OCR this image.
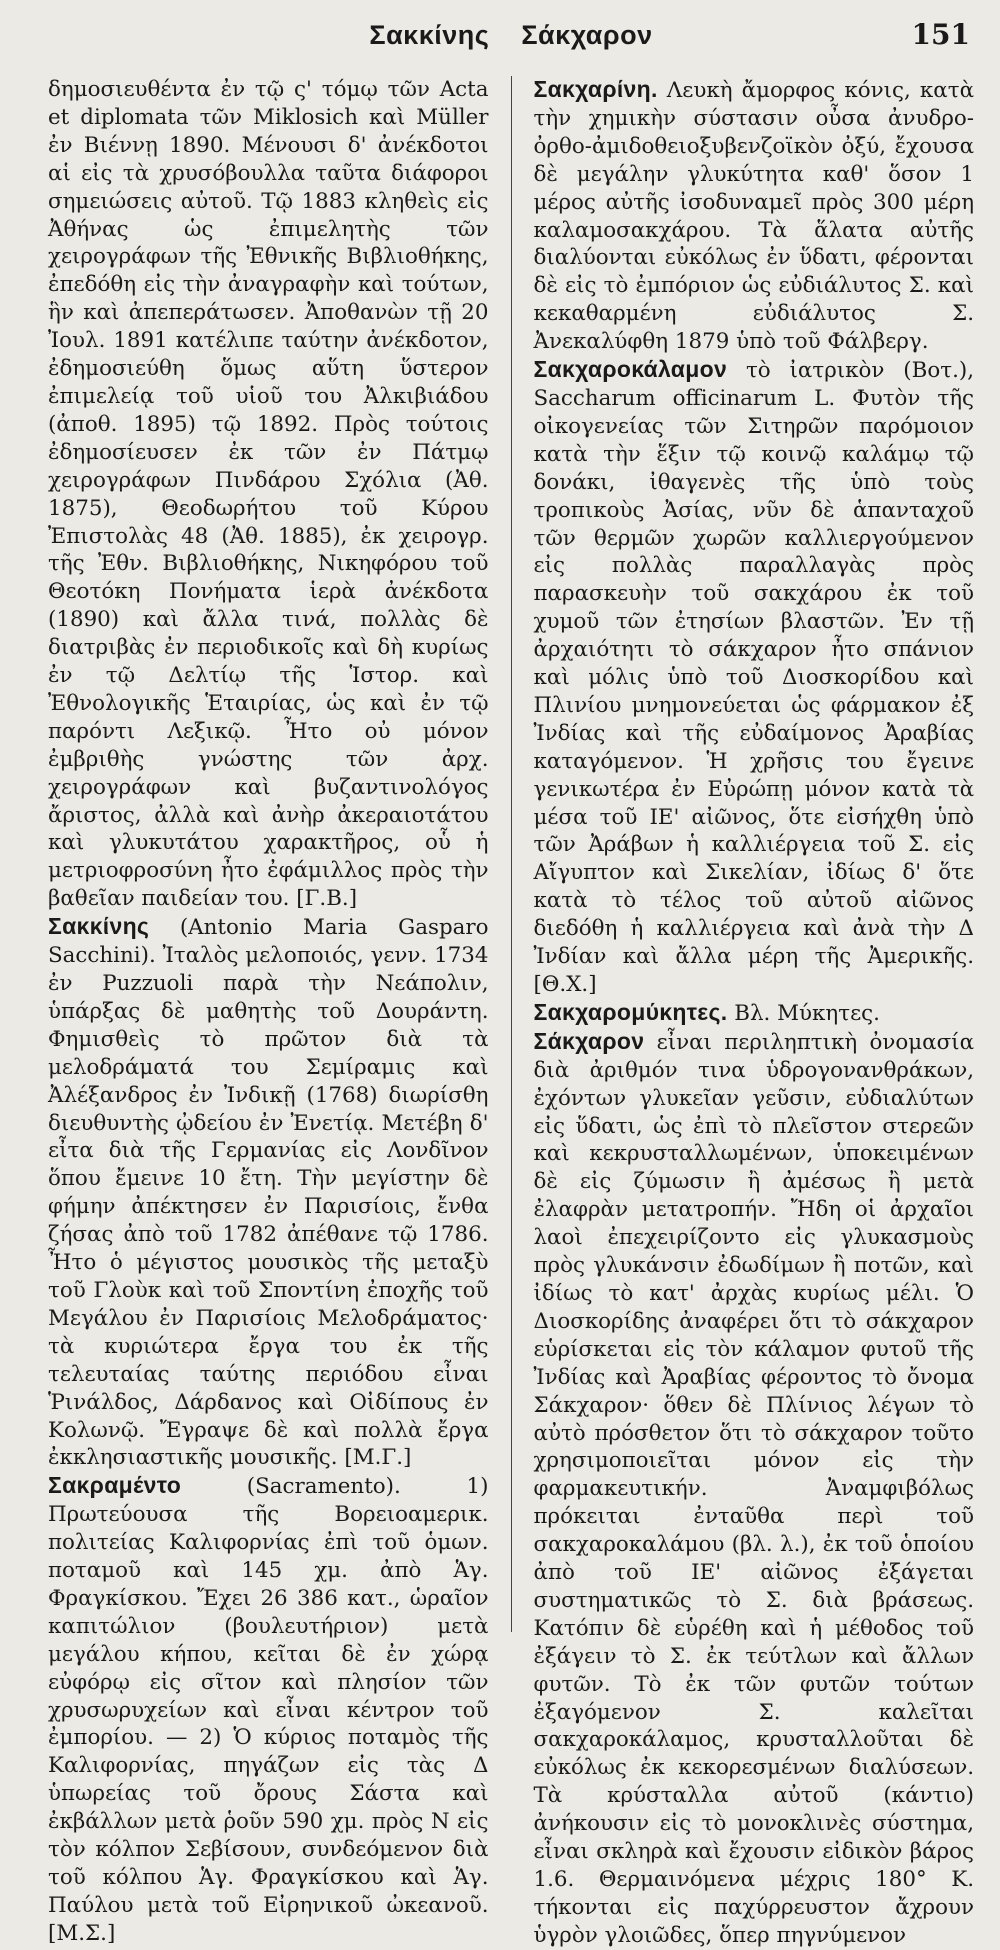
Σακκίνης Σάκχαρον	151

δημοσιευθέντα ἐν τῷ ς' τόμῳ τῶν Acta et diplomata τῶν Miklosich καὶ Müller ἐν Βιέννῃ 1890. Μένουσι δ' ἀνέκδοτοι αἱ εἰς τὰ χρυσόβουλλα ταῦτα διάφοροι σημειώσεις αὐτοῦ. Τῷ 1883 κληθεὶς εἰς Ἀθήνας ὡς ἐπιμελητὴς τῶν χειρογράφων τῆς Ἐθνικῆς Βιβλιοθήκης, ἐπεδόθη εἰς τὴν ἀναγραφὴν καὶ τούτων, ἣν καὶ ἀπεπεράτωσεν. Ἀποθανὼν τῇ 20 Ἰουλ. 1891 κατέλιπε ταύτην ἀνέκδοτον, ἐδημοσιεύθη ὅμως αὕτη ὕστερον ἐπιμελείᾳ τοῦ υἱοῦ του Ἀλκιβιάδου (ἀποθ. 1895) τῷ 1892. Πρὸς τούτοις ἐδημοσίευσεν ἐκ τῶν ἐν Πάτμῳ χειρογράφων Πινδάρου Σχόλια (Ἀθ. 1875), Θεοδωρήτου τοῦ Κύρου Ἐπιστολὰς 48 (Ἀθ. 1885), ἐκ χειρογρ. τῆς Ἐθν. Βιβλιοθήκης, Νικηφόρου τοῦ Θεοτόκη Πονήματα ἱερὰ ἀνέκδοτα (1890) καὶ ἄλλα τινά, πολλὰς δὲ διατριβὰς ἐν περιοδικοῖς καὶ δὴ κυρίως ἐν τῷ Δελτίῳ τῆς Ἱστορ. καὶ Ἐθνολογικῆς Ἑταιρίας, ὡς καὶ ἐν τῷ παρόντι Λεξικῷ. Ἦτο οὐ μόνον ἐμβριθὴς γνώστης τῶν ἀρχ. χειρογράφων καὶ βυζαντινολόγος ἄριστος, ἀλλὰ καὶ ἀνὴρ ἀκεραιοτάτου καὶ γλυκυτάτου χαρακτῆρος, οὗ ἡ μετριοφροσύνη ἦτο ἐφάμιλλος πρὸς τὴν βαθεῖαν παιδείαν του. [Γ.Β.]

Σακκίνης (Antonio Maria Gasparo Sacchini). Ἰταλὸς μελοποιός, γενν. 1734 ἐν Puzzuoli παρὰ τὴν Νεάπολιν, ὑπάρξας δὲ μαθητὴς τοῦ Δουράντη. Φημισθεὶς τὸ πρῶτον διὰ τὰ μελοδράματά του Σεμίραμις καὶ Ἀλέξανδρος ἐν Ἰνδικῇ (1768) διωρίσθη διευθυντὴς ᾠδείου ἐν Ἐνετίᾳ. Μετέβη δ' εἶτα διὰ τῆς Γερμανίας εἰς Λονδῖνον ὅπου ἔμεινε 10 ἔτη. Τὴν μεγίστην δὲ φήμην ἀπέκτησεν ἐν Παρισίοις, ἔνθα ζήσας ἀπὸ τοῦ 1782 ἀπέθανε τῷ 1786. Ἦτο ὁ μέγιστος μουσικὸς τῆς μεταξὺ τοῦ Γλοὺκ καὶ τοῦ Σποντίνη ἐποχῆς τοῦ Μεγάλου ἐν Παρισίοις Μελοδράματος· τὰ κυριώτερα ἔργα του ἐκ τῆς τελευταίας ταύτης περιόδου εἶναι Ῥινάλδος, Δάρδανος καὶ Οἰδίπους ἐν Κολωνῷ. Ἔγραψε δὲ καὶ πολλὰ ἔργα ἐκκλησιαστικῆς μουσικῆς. [Μ.Γ.]

Σακραμέντο (Sacramento). 1) Πρωτεύουσα τῆς Βορειοαμερικ. πολιτείας Καλιφορνίας ἐπὶ τοῦ ὁμων. ποταμοῦ καὶ 145 χμ. ἀπὸ Ἁγ. Φραγκίσκου. Ἔχει 26 386 κατ., ὡραῖον καπιτώλιον (βουλευτήριον) μετὰ μεγάλου κήπου, κεῖται δὲ ἐν χώρᾳ εὐφόρῳ εἰς σῖτον καὶ πλησίον τῶν χρυσωρυχείων καὶ εἶναι κέντρον τοῦ ἐμπορίου. — 2) Ὁ κύριος ποταμὸς τῆς Καλιφορνίας, πηγάζων εἰς τὰς Δ ὑπωρείας τοῦ ὄρους Σάστα καὶ ἐκβάλλων μετὰ ῥοῦν 590 χμ. πρὸς Ν εἰς τὸν κόλπον Σεβίσουν, συνδεόμενον διὰ τοῦ κόλπου Ἁγ. Φραγκίσκου καὶ Ἁγ. Παύλου μετὰ τοῦ Εἰρηνικοῦ ὠκεανοῦ. [Μ.Σ.]

Σακχαρίνη. Λευκὴ ἄμορφος κόνις, κατὰ τὴν χημικὴν σύστασιν οὖσα ἀνυδρο-ὀρθο-ἀμιδοθειοξυβενζοϊκὸν ὀξύ, ἔχουσα δὲ μεγάλην γλυκύτητα καθ' ὅσον 1 μέρος αὐτῆς ἰσοδυναμεῖ πρὸς 300 μέρη καλαμοσακχάρου. Τὰ ἅλατα αὐτῆς διαλύονται εὐκόλως ἐν ὕδατι, φέρονται δὲ εἰς τὸ ἐμπόριον ὡς εὐδιάλυτος Σ. καὶ κεκαθαρμένη εὐδιάλυτος Σ. Ἀνεκαλύφθη 1879 ὑπὸ τοῦ Φάλβεργ.

Σακχαροκάλαμον τὸ ἰατρικὸν (Βοτ.), Saccharum officinarum L. Φυτὸν τῆς οἰκογενείας τῶν Σιτηρῶν παρόμοιον κατὰ τὴν ἕξιν τῷ κοινῷ καλάμῳ τῷ δονάκι, ἰθαγενὲς τῆς ὑπὸ τοὺς τροπικοὺς Ἀσίας, νῦν δὲ ἁπανταχοῦ τῶν θερμῶν χωρῶν καλλιεργούμενον εἰς πολλὰς παραλλαγὰς πρὸς παρασκευὴν τοῦ σακχάρου ἐκ τοῦ χυμοῦ τῶν ἐτησίων βλαστῶν. Ἐν τῇ ἀρχαιότητι τὸ σάκχαρον ἦτο σπάνιον καὶ μόλις ὑπὸ τοῦ Διοσκορίδου καὶ Πλινίου μνημονεύεται ὡς φάρμακον ἐξ Ἰνδίας καὶ τῆς εὐδαίμονος Ἀραβίας καταγόμενον. Ἡ χρῆσις του ἔγεινε γενικωτέρα ἐν Εὐρώπῃ μόνον κατὰ τὰ μέσα τοῦ ΙΕ' αἰῶνος, ὅτε εἰσήχθη ὑπὸ τῶν Ἀράβων ἡ καλλιέργεια τοῦ Σ. εἰς Αἴγυπτον καὶ Σικελίαν, ἰδίως δ' ὅτε κατὰ τὸ τέλος τοῦ αὐτοῦ αἰῶνος διεδόθη ἡ καλλιέργεια καὶ ἀνὰ τὴν Δ Ἰνδίαν καὶ ἄλλα μέρη τῆς Ἀμερικῆς. [Θ.Χ.]

Σακχαρομύκητες. Βλ. Μύκητες.

Σάκχαρον εἶναι περιληπτικὴ ὀνομασία διὰ ἀριθμόν τινα ὑδρογονανθράκων, ἐχόντων γλυκεῖαν γεῦσιν, εὐδιαλύτων εἰς ὕδατι, ὡς ἐπὶ τὸ πλεῖστον στερεῶν καὶ κεκρυσταλλωμένων, ὑποκειμένων δὲ εἰς ζύμωσιν ἢ ἀμέσως ἢ μετὰ ἐλαφρὰν μετατροπήν. Ἤδη οἱ ἀρχαῖοι λαοὶ ἐπεχειρίζοντο εἰς γλυκασμοὺς πρὸς γλυκάνσιν ἐδωδίμων ἢ ποτῶν, καὶ ἰδίως τὸ κατ' ἀρχὰς κυρίως μέλι. Ὁ Διοσκορίδης ἀναφέρει ὅτι τὸ σάκχαρον εὑρίσκεται εἰς τὸν κάλαμον φυτοῦ τῆς Ἰνδίας καὶ Ἀραβίας φέροντος τὸ ὄνομα Σάκχαρον· ὅθεν δὲ Πλίνιος λέγων τὸ αὐτὸ πρόσθετον ὅτι τὸ σάκχαρον τοῦτο χρησιμοποιεῖται μόνον εἰς τὴν φαρμακευτικήν. Ἀναμφιβόλως πρόκειται ἐνταῦθα περὶ τοῦ σακχαροκαλάμου (βλ. λ.), ἐκ τοῦ ὁποίου ἀπὸ τοῦ ΙΕ' αἰῶνος ἐξάγεται συστηματικῶς τὸ Σ. διὰ βράσεως. Κατόπιν δὲ εὑρέθη καὶ ἡ μέθοδος τοῦ ἐξάγειν τὸ Σ. ἐκ τεύτλων καὶ ἄλλων φυτῶν. Τὸ ἐκ τῶν φυτῶν τούτων ἐξαγόμενον Σ. καλεῖται σακχαροκάλαμος, κρυσταλλοῦται δὲ εὐκόλως ἐκ κεκορεσμένων διαλύσεων. Τὰ κρύσταλλα αὐτοῦ (κάντιο) ἀνήκουσιν εἰς τὸ μονοκλινὲς σύστημα, εἶναι σκληρὰ καὶ ἔχουσιν εἰδικὸν βάρος 1.6. Θερμαινόμενα μέχρις 180° Κ. τήκονται εἰς παχύρρευστον ἄχρουν ὑγρὸν γλοιῶδες, ὅπερ πηγνύμενον
